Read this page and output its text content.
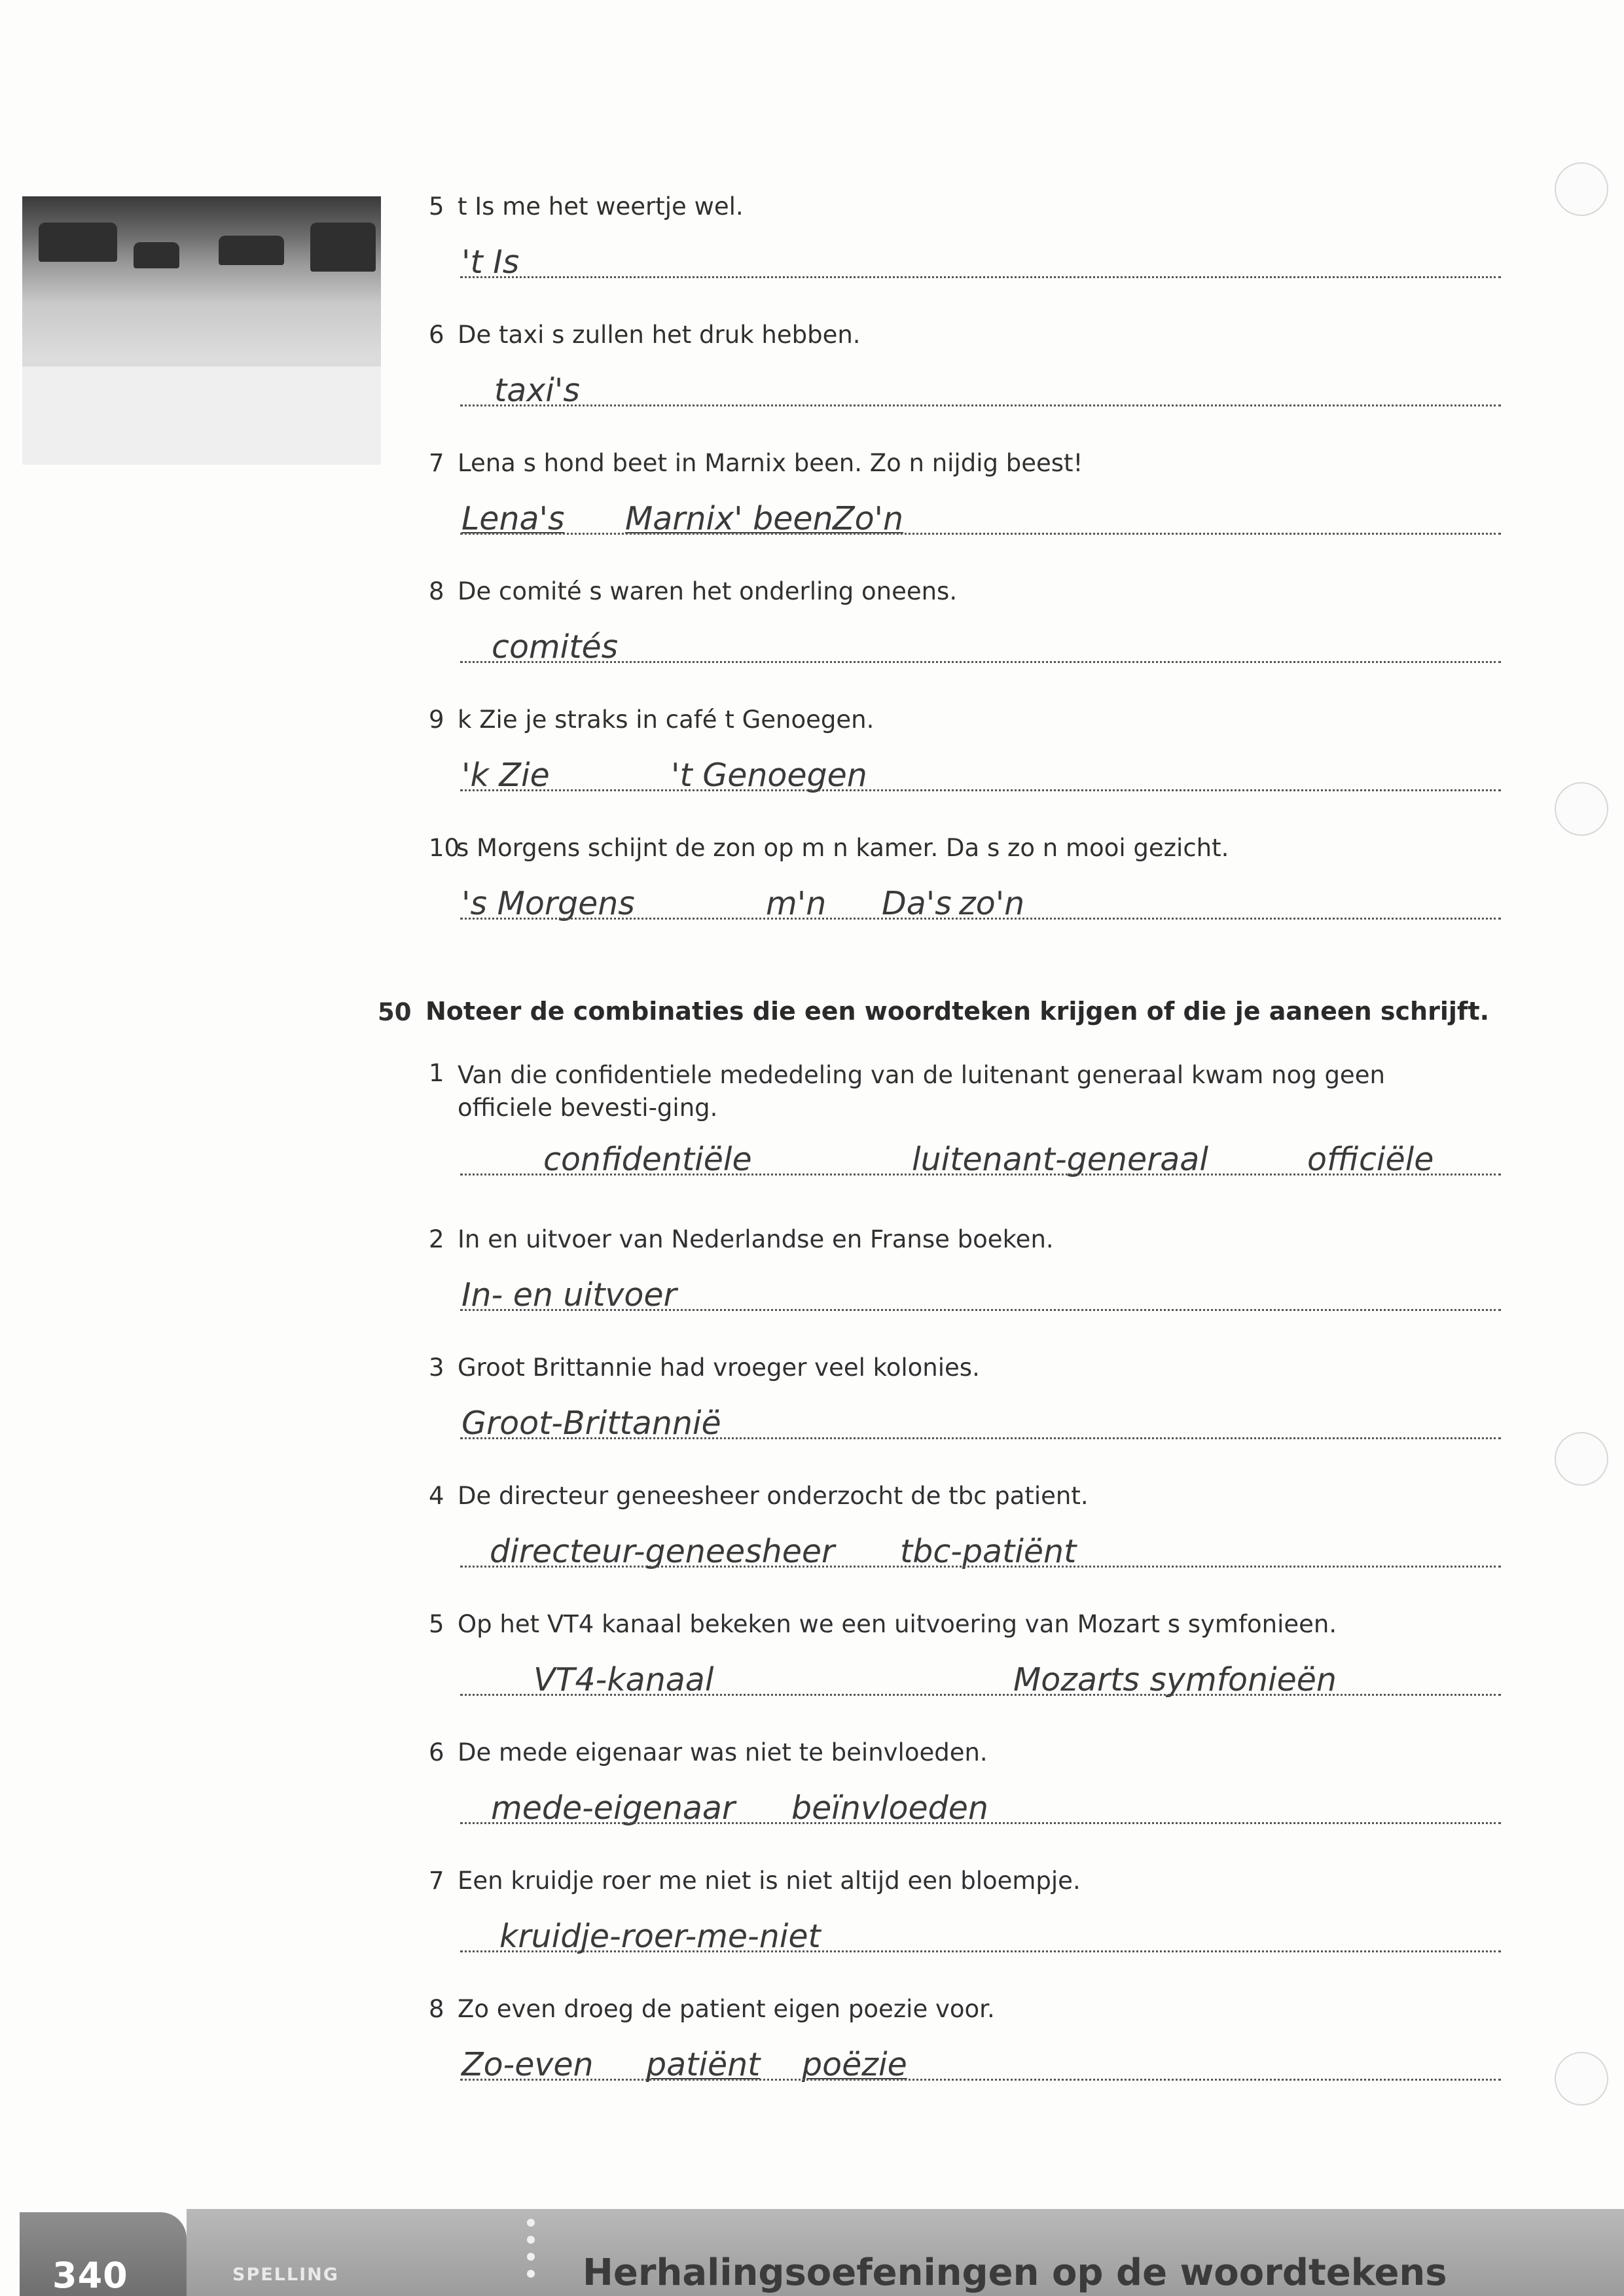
5 t Is me het weertje wel.
't Is
6 De taxi s zullen het druk hebben.
taxi's
7 Lena s hond beet in Marnix been. Zo n nijdig beest!
Lena's Marnix' been Zo'n
8 De comité s waren het onderling oneens.
comités
9 k Zie je straks in café t Genoegen.
'k Zie	't Genoegen
10s Morgens schijnt de zon op m n kamer. Da s zo n mooi gezicht.
's Morgens	m'n Da's zo'n
50 Noteer de combinaties die een woordteken krijgen of die je aaneen schrijft.
1 Van die confidentiele mededeling van de luitenant generaal kwam nog geen officiele bevesti-ging.
confidentiële	luitenant-generaal	officiële
2 In en uitvoer van Nederlandse en Franse boeken.
In- en uitvoer
3 Groot Brittannie had vroeger veel kolonies.
Groot-Brittannië
4 De directeur geneesheer onderzocht de tbc patient.
directeur-geneesheer tbc-patiënt
5 Op het VT4 kanaal bekeken we een uitvoering van Mozart s symfonieen.
VT4-kanaal	Mozarts symfonieën
6 De mede eigenaar was niet te beinvloeden.
mede-eigenaar beïnvloeden
7 Een kruidje roer me niet is niet altijd een bloempje.
kruidje-roer-me-niet
8 Zo even droeg de patient eigen poezie voor.
Zo-even patiënt poëzie
340	SPELLING	Herhalingsoefeningen op de woordtekens
